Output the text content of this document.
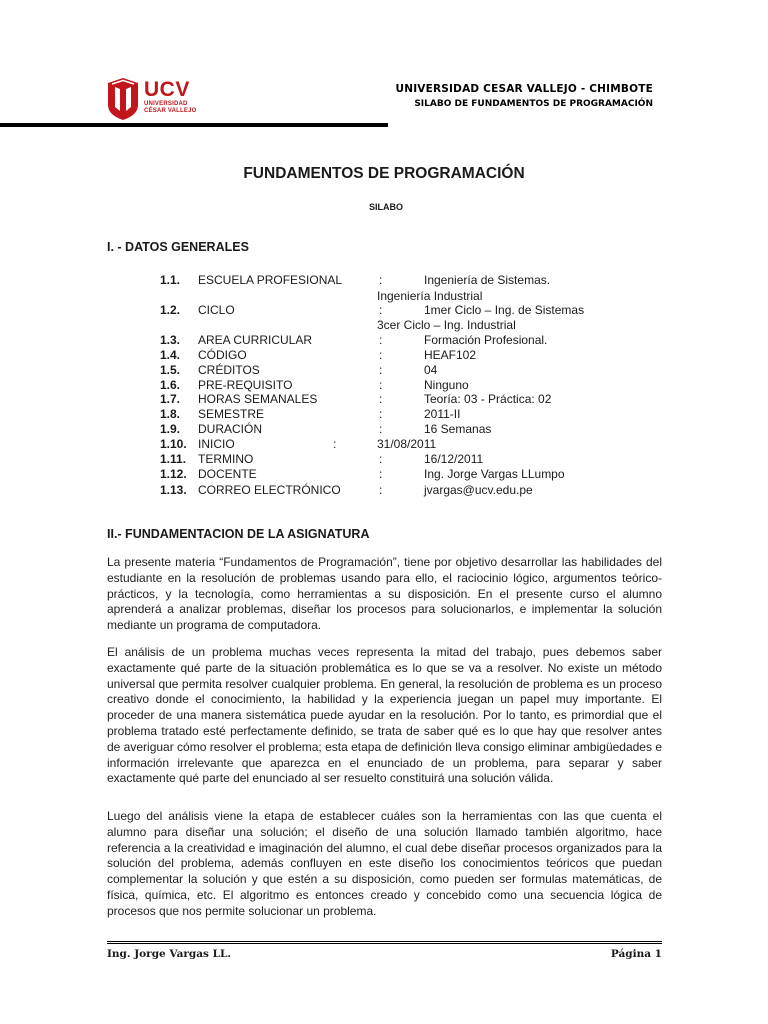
UCV
UNIVERSIDAD
CÉSAR VALLEJO
UNIVERSIDAD CESAR VALLEJO - CHIMBOTE
SILABO DE FUNDAMENTOS DE PROGRAMACIÓN
FUNDAMENTOS DE PROGRAMACIÓN
SILABO
I. - DATOS GENERALES
1.1. ESCUELA PROFESIONAL	:	Ingeniería de Sistemas.
Ingeniería Industrial
1.2. CICLO	:	1mer Ciclo – Ing. de Sistemas
3cer Ciclo – Ing. Industrial
1.3. AREA CURRICULAR	:	Formación Profesional.
1.4. CÓDIGO	:	HEAF102
1.5. CRÉDITOS	:	04
1.6. PRE-REQUISITO	:	Ninguno
1.7. HORAS SEMANALES	:	Teoría: 03 - Práctica: 02
1.8. SEMESTRE	:	2011-II
1.9. DURACIÓN	:	16 Semanas
1.10. INICIO	:	31/08/2011
1.11. TERMINO	:	16/12/2011
1.12. DOCENTE	:	Ing. Jorge Vargas LLumpo
1.13. CORREO ELECTRÓNICO	:	jvargas@ucv.edu.pe
II.- FUNDAMENTACION DE LA ASIGNATURA

La presente materia “Fundamentos de Programación”, tiene por objetivo desarrollar las habilidades del estudiante en la resolución de problemas usando para ello, el raciocinio lógico, argumentos teórico-prácticos, y la tecnología, como herramientas a su disposición. En el presente curso el alumno aprenderá a analizar problemas, diseñar los procesos para solucionarlos, e implementar la solución mediante un programa de computadora.

El análisis de un problema muchas veces representa la mitad del trabajo, pues debemos saber exactamente qué parte de la situación problemática es lo que se va a resolver. No existe un método universal que permita resolver cualquier problema. En general, la resolución de problema es un proceso creativo donde el conocimiento, la habilidad y la experiencia juegan un papel muy importante. El proceder de una manera sistemática puede ayudar en la resolución. Por lo tanto, es primordial que el problema tratado esté perfectamente definido, se trata de saber qué es lo que hay que resolver antes de averiguar cómo resolver el problema; esta etapa de definición lleva consigo eliminar ambigüedades e información irrelevante que aparezca en el enunciado de un problema, para separar y saber exactamente qué parte del enunciado al ser resuelto constituirá una solución válida.

Luego del análisis viene la etapa de establecer cuáles son la herramientas con las que cuenta el alumno para diseñar una solución; el diseño de una solución llamado también algoritmo, hace referencia a la creatividad e imaginación del alumno, el cual debe diseñar procesos organizados para la solución del problema, además confluyen en este diseño los conocimientos teóricos que puedan complementar la solución y que estén a su disposición, como pueden ser formulas matemáticas, de física, química, etc. El algoritmo es entonces creado y concebido como una secuencia lógica de procesos que nos permite solucionar un problema.

Ing. Jorge Vargas LL.	Página 1
